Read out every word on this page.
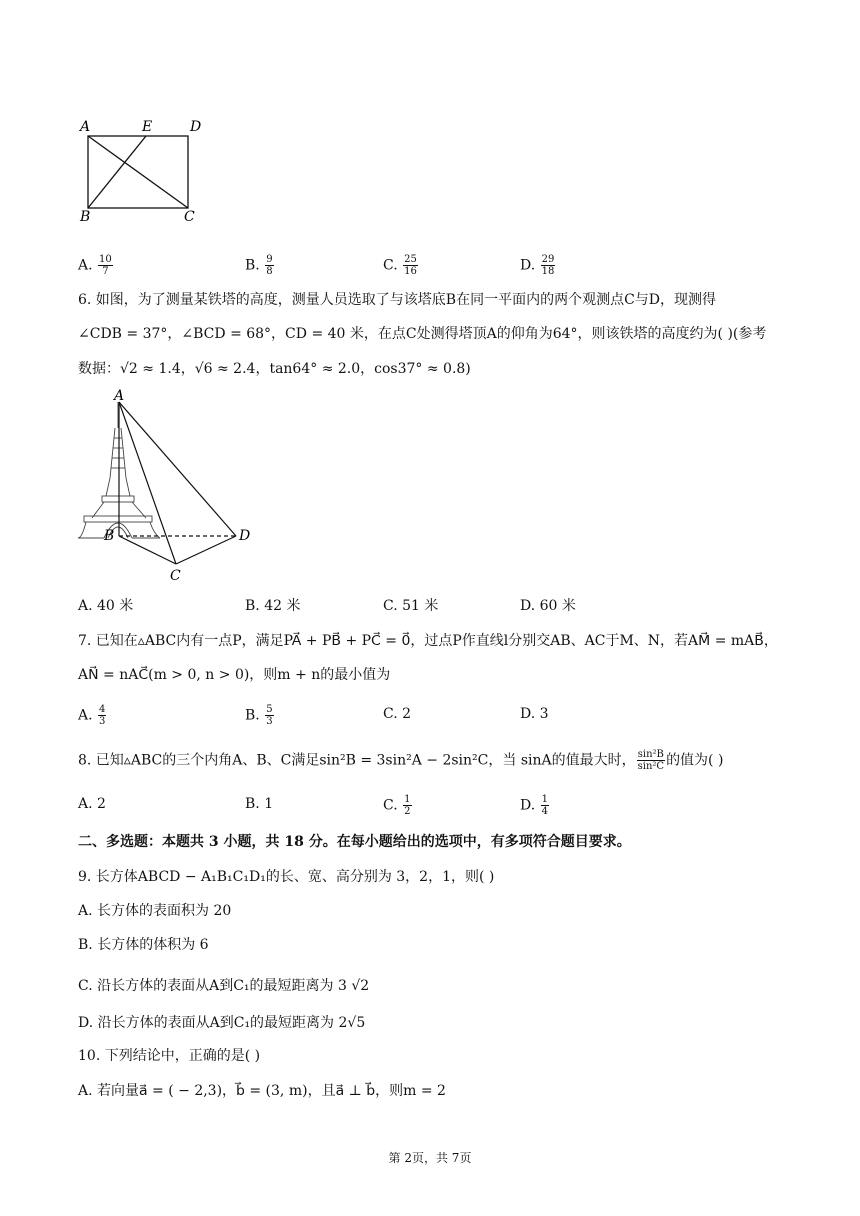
A	E	D
B	C
A. $\frac{10}{7}$	B. $\frac{9}{8}$	C. $\frac{25}{16}$	D. $\frac{29}{18}$
6. 如图，为了测量某铁塔的高度，测量人员选取了与该塔底B在同一平面内的两个观测点C与D，现测得
∠CDB = 37°，∠BCD = 68°，CD = 40 米，在点C处测得塔顶A的仰角为64°，则该铁塔的高度约为( )(参考
数据：√2 ≈ 1.4，√6 ≈ 2.4，tan64° ≈ 2.0，cos37° ≈ 0.8)
A
B
C
D
A. 40 米	B. 42 米	C. 51 米	D. 60 米
7. 已知在▵ABC内有一点P，满足PA⃗ + PB⃗ + PC⃗ = 0⃗，过点P作直线l分别交AB、AC于M、N，若AM⃗ = mAB⃗，
AN⃗ = nAC⃗(m > 0, n > 0)，则m + n的最小值为
A. $\frac{4}{3}$	B. $\frac{5}{3}$	C. 2	D. 3
8. 已知▵ABC的三个内角A、B、C满足sin²B = 3sin²A − 2sin²C，当 sinA的值最大时， $\frac{\text{sin²B}}{\text{sin²C}}$ 的值为( )
A. 2	B. 1	C. $\frac{1}{2}$	D. $\frac{1}{4}$
二、多选题：本题共 3 小题，共 18 分。在每小题给出的选项中，有多项符合题目要求。
9. 长方体ABCD − A₁B₁C₁D₁的长、宽、高分别为 3，2，1，则( )
A. 长方体的表面积为 20
B. 长方体的体积为 6
C. 沿长方体的表面从A到C₁的最短距离为 3 √2
D. 沿长方体的表面从A到C₁的最短距离为 2√5
10. 下列结论中，正确的是( )
A. 若向量a⃗ = ( − 2,3)，b⃗ = (3, m)，且a⃗ ⊥ b⃗，则m = 2
第 2页，共 7页
